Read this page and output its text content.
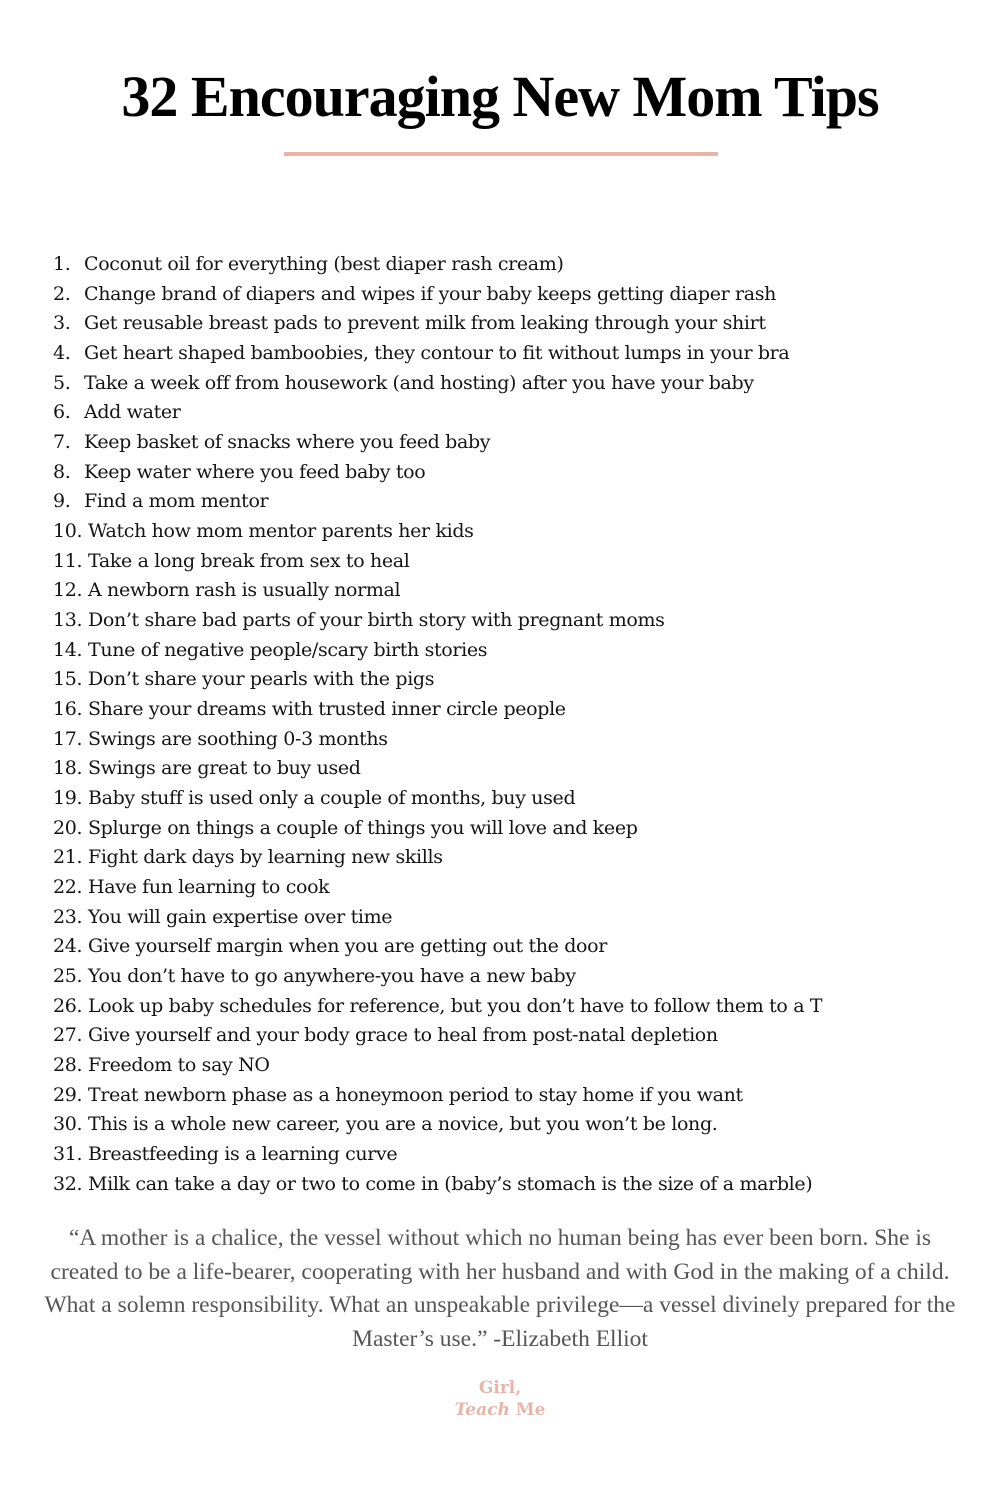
32 Encouraging New Mom Tips
1. Coconut oil for everything (best diaper rash cream)
2. Change brand of diapers and wipes if your baby keeps getting diaper rash
3. Get reusable breast pads to prevent milk from leaking through your shirt
4. Get heart shaped bamboobies, they contour to fit without lumps in your bra
5. Take a week off from housework (and hosting) after you have your baby
6. Add water
7. Keep basket of snacks where you feed baby
8. Keep water where you feed baby too
9. Find a mom mentor
10. Watch how mom mentor parents her kids
11. Take a long break from sex to heal
12. A newborn rash is usually normal
13. Don’t share bad parts of your birth story with pregnant moms
14. Tune of negative people/scary birth stories
15. Don’t share your pearls with the pigs
16. Share your dreams with trusted inner circle people
17. Swings are soothing 0-3 months
18. Swings are great to buy used
19. Baby stuff is used only a couple of months, buy used
20. Splurge on things a couple of things you will love and keep
21. Fight dark days by learning new skills
22. Have fun learning to cook
23. You will gain expertise over time
24. Give yourself margin when you are getting out the door
25. You don’t have to go anywhere-you have a new baby
26. Look up baby schedules for reference, but you don’t have to follow them to a T
27. Give yourself and your body grace to heal from post-natal depletion
28. Freedom to say NO
29. Treat newborn phase as a honeymoon period to stay home if you want
30. This is a whole new career, you are a novice, but you won’t be long.
31. Breastfeeding is a learning curve
32. Milk can take a day or two to come in (baby’s stomach is the size of a marble)

“A mother is a chalice, the vessel without which no human being has ever been born. She is created to be a life-bearer, cooperating with her husband and with God in the making of a child. What a solemn responsibility. What an unspeakable privilege—a vessel divinely prepared for the Master’s use.” -Elizabeth Elliot

Girl,
Teach Me
